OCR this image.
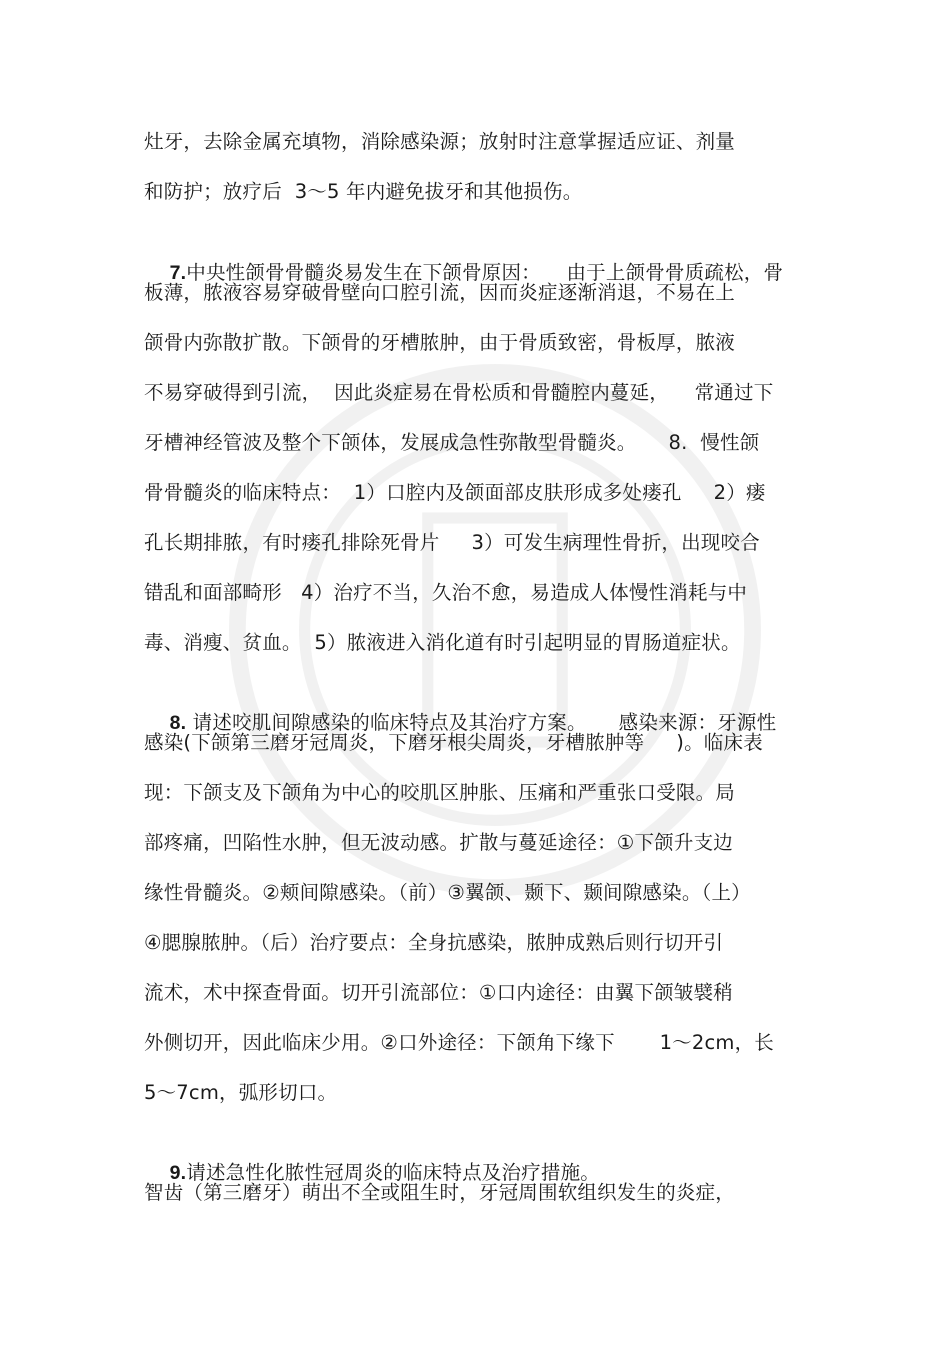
灶牙，去除金属充填物，消除感染源；放射时注意掌握适应证、剂量
和防护；放疗后  3～5 年内避免拔牙和其他损伤。

7.中央性颌骨骨髓炎易发生在下颌骨原因：    由于上颌骨骨质疏松，骨

板薄，脓液容易穿破骨壁向口腔引流，因而炎症逐渐消退，不易在上
颌骨内弥散扩散。下颌骨的牙槽脓肿，由于骨质致密，骨板厚，脓液
不易穿破得到引流，  因此炎症易在骨松质和骨髓腔内蔓延，    常通过下
牙槽神经管波及整个下颌体，发展成急性弥散型骨髓炎。     8.  慢性颌
骨骨髓炎的临床特点：  1）口腔内及颌面部皮肤形成多处瘘孔     2）瘘
孔长期排脓，有时瘘孔排除死骨片     3）可发生病理性骨折，出现咬合
错乱和面部畸形   4）治疗不当，久治不愈，易造成人体慢性消耗与中
毒、消瘦、贫血。  5）脓液进入消化道有时引起明显的胃肠道症状。

8. 请述咬肌间隙感染的临床特点及其治疗方案。     感染来源：牙源性

感染(下颌第三磨牙冠周炎，下磨牙根尖周炎，牙槽脓肿等     )。临床表
现：下颌支及下颌角为中心的咬肌区肿胀、压痛和严重张口受限。局
部疼痛，凹陷性水肿，但无波动感。扩散与蔓延途径：①下颌升支边
缘性骨髓炎。②颊间隙感染。（前）③翼颌、颞下、颞间隙感染。（上）
④腮腺脓肿。（后）治疗要点：全身抗感染，脓肿成熟后则行切开引
流术，术中探查骨面。切开引流部位：①口内途径：由翼下颌皱襞稍
外侧切开，因此临床少用。②口外途径：下颌角下缘下       1～2cm，长
5～7cm，弧形切口。

9.请述急性化脓性冠周炎的临床特点及治疗措施。

智齿（第三磨牙）萌出不全或阻生时，牙冠周围软组织发生的炎症，
